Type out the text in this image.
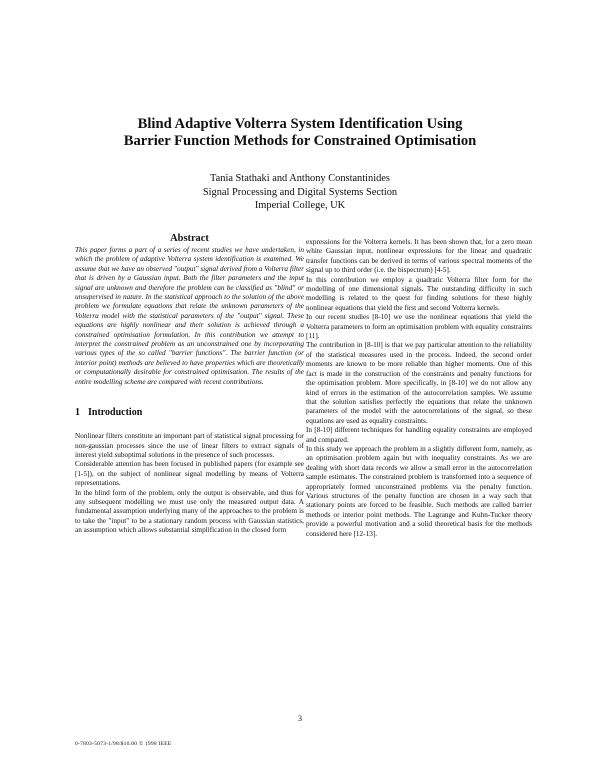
Blind Adaptive Volterra System Identification Using
Barrier Function Methods for Constrained Optimisation
Tania Stathaki and Anthony Constantinides
Signal Processing and Digital Systems Section
Imperial College, UK
Abstract

This paper forms a part of a series of recent studies we have undertaken, in which the problem of adaptive Volterra system identification is examined. We assume that we have an observed "output" signal derived from a Volterra filter that is driven by a Gaussian input. Both the filter parameters and the input signal are unknown and therefore the problem can be classified as "blind" or unsupervised in nature. In the statistical approach to the solution of the above problem we formulate equations that relate the unknown parameters of the Volterra model with the statistical parameters of the "output" signal. These equations are highly nonlinear and their solution is achieved through a constrained optimisation formulation. In this contribution we attempt to interpret the constrained problem as an unconstrained one by incorporating various types of the so called "barrier functions". The barrier function (or interior point) methods are believed to have properties which are theoretically or computationally desirable for constrained optimisation. The results of the entire modelling scheme are compared with recent contributions.

1 Introduction

Nonlinear filters constitute an important part of statistical signal processing for non-gaussian processes since the use of linear filters to extract signals of interest yield suboptimal solutions in the presence of such processes.

Considerable attention has been focused in published papers (for example see [1-5]), on the subject of nonlinear signal modelling by means of Volterra representations.

In the blind form of the problem, only the output is observable, and thus for any subsequent modelling we must use only the measured output data. A fundamental assumption underlying many of the approaches to the problem is to take the "input" to be a stationary random process with Gaussian statistics, an assumption which allows substantial simplification in the closed form

expressions for the Volterra kernels. It has been shown that, for a zero mean white Gaussian input, nonlinear expressions for the linear and quadratic transfer functions can be derived in terms of various spectral moments of the signal up to third order (i.e. the bispectrum) [4-5].

In this contribution we employ a quadratic Volterra filter form for the modelling of one dimensional signals. The outstanding difficulty in such modelling is related to the quest for finding solutions for these highly nonlinear equations that yield the first and second Volterra kernels.

In our recent studies [8-10] we use the nonlinear equations that yield the Volterra parameters to form an optimisation problem with equality constraints [11].

The contribution in [8-10] is that we pay particular attention to the reliability of the statistical measures used in the process. Indeed, the second order moments are known to be more reliable than higher moments. One of this fact is made in the construction of the constraints and penalty functions for the optimisation problem. More specifically, in [8-10] we do not allow any kind of errors in the estimation of the autocorrelation samples. We assume that the solution satisfies perfectly the equations that relate the unknown parameters of the model with the autocorrelations of the signal, so these equations are used as equality constraints.

In [8-10] different techniques for handling equality constraints are employed and compared.

In this study we approach the problem in a slightly different form, namely, as an optimisation problem again but with inequality constraints. As we are dealing with short data records we allow a small error in the autocorrelation sample estimates. The constrained problem is transformed into a sequence of appropriately formed unconstrained problems via the penalty function. Various structures of the penalty function are chosen in a way such that stationary points are forced to be feasible. Such methods are called barrier methods or interior point methods. The Lagrange and Kuhn-Tucker theory provide a powerful motivation and a solid theoretical basis for the methods considered here [12-13].

3
0-7803-5073-1/98/$10.00 © 1998 IEEE
